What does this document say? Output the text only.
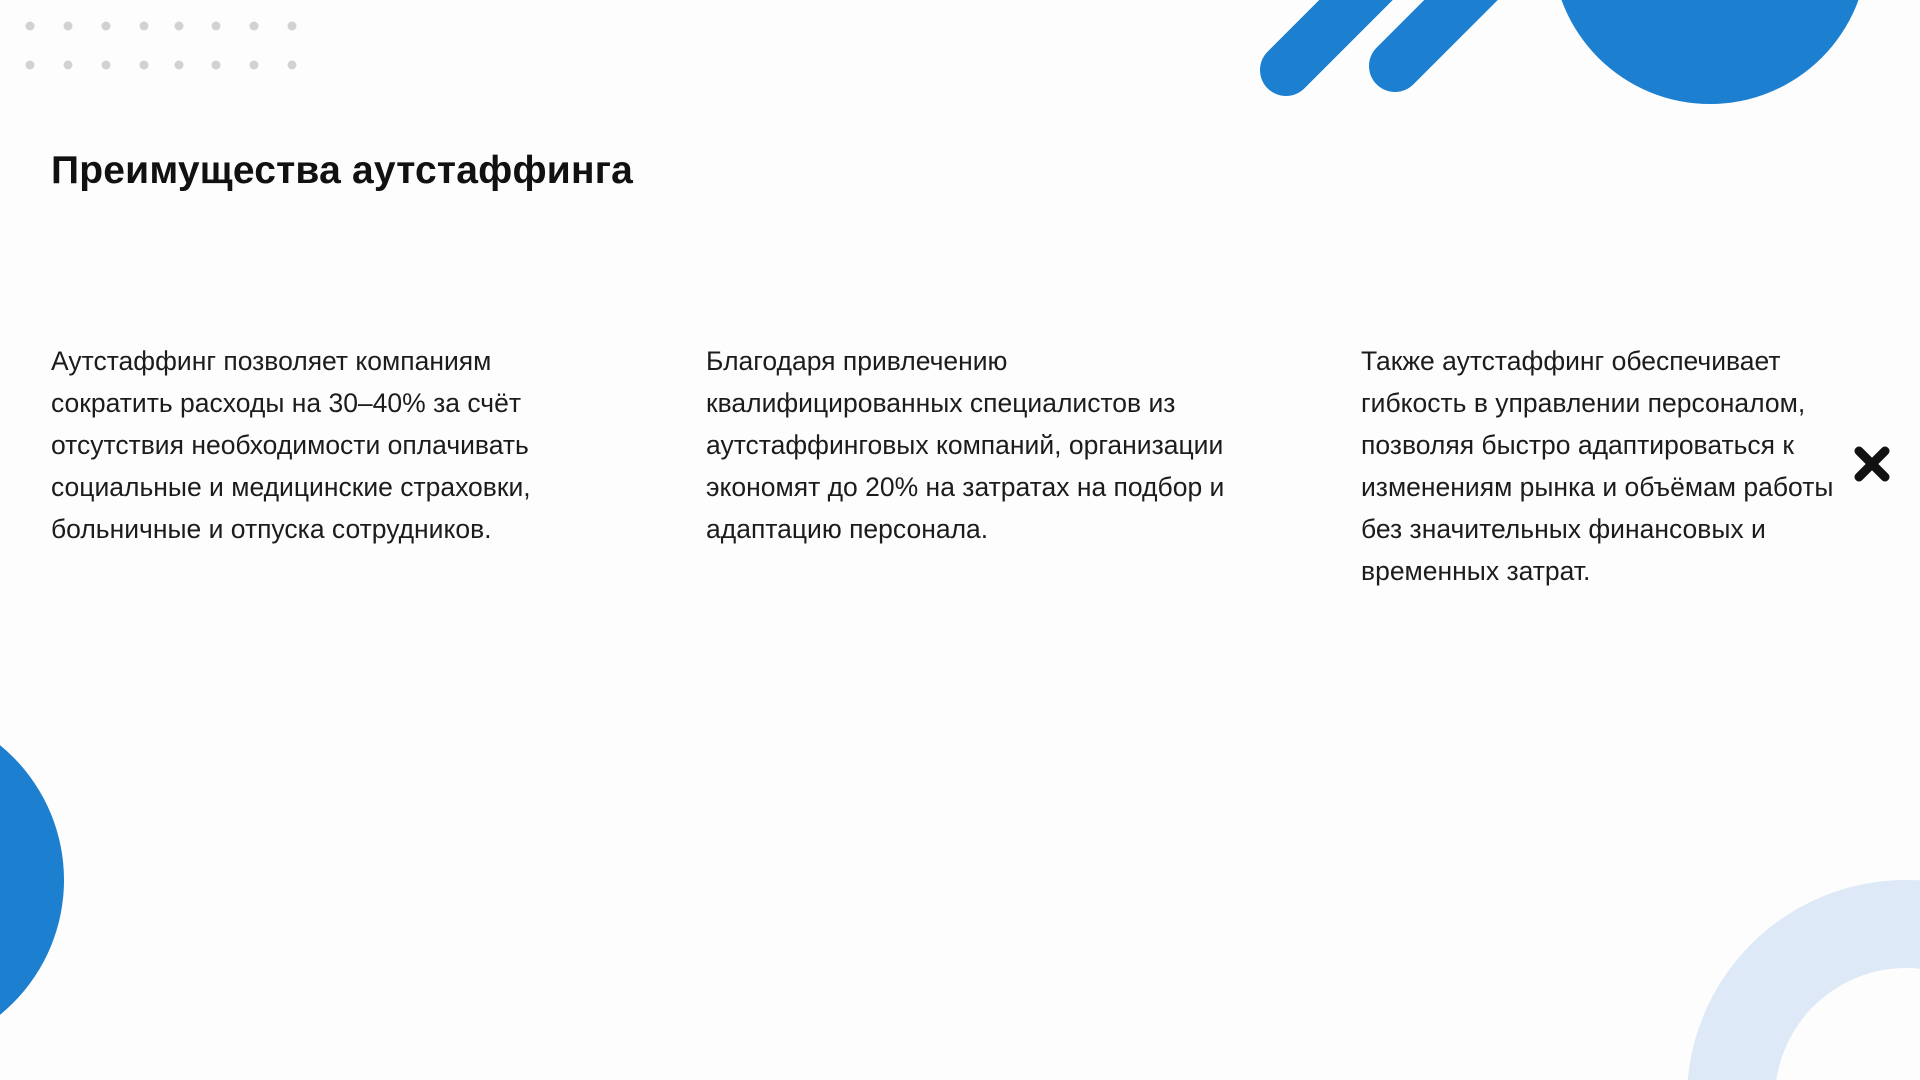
Преимущества аутстаффинга

Аутстаффинг позволяет компаниям сократить расходы на 30–40% за счёт отсутствия необходимости оплачивать социальные и медицинские страховки, больничные и отпуска сотрудников.

Благодаря привлечению квалифицированных специалистов из аутстаффинговых компаний, организации экономят до 20% на затратах на подбор и адаптацию персонала.

Также аутстаффинг обеспечивает гибкость в управлении персоналом, позволяя быстро адаптироваться к изменениям рынка и объёмам работы без значительных финансовых и временных затрат.
